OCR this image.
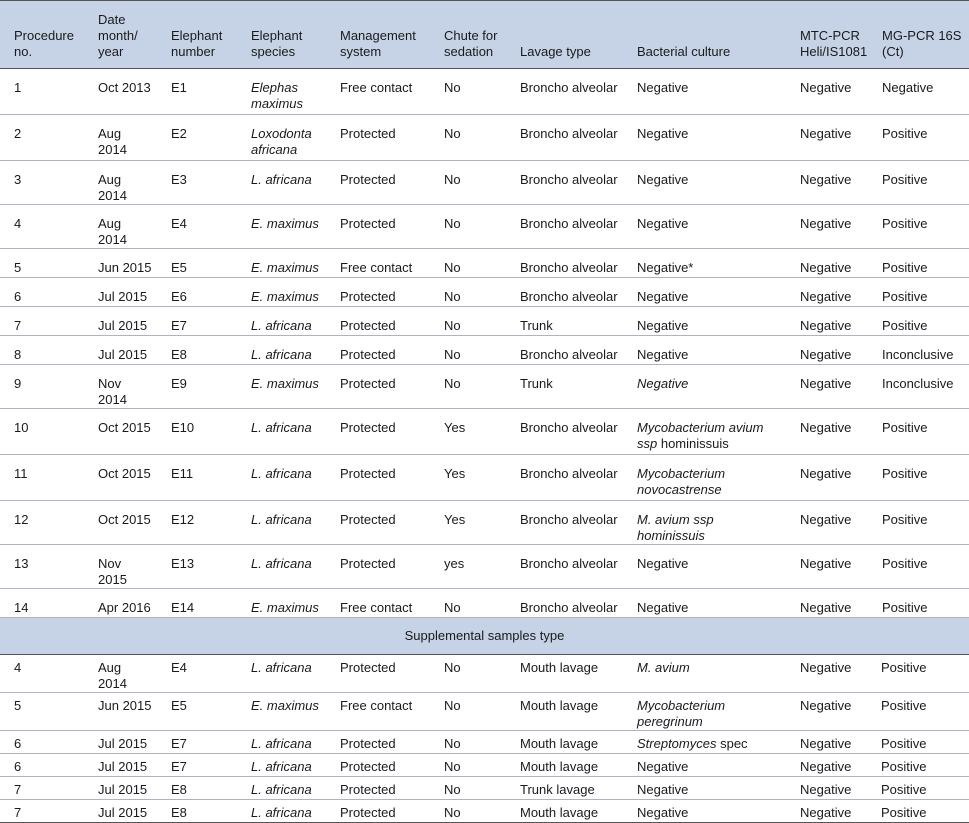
Procedure no.	Date month/ year	Elephant number	Elephant species	Management system	Chute for sedation	Lavage type	Bacterial culture	MTC-PCR Heli/IS1081	MG-PCR 16S (Ct)
1	Oct 2013	E1	Elephas maximus	Free contact	No	Broncho alveolar	Negative	Negative	Negative
2	Aug 2014	E2	Loxodonta africana	Protected	No	Broncho alveolar	Negative	Negative	Positive
3	Aug 2014	E3	L. africana	Protected	No	Broncho alveolar	Negative	Negative	Positive
4	Aug 2014	E4	E. maximus	Protected	No	Broncho alveolar	Negative	Negative	Positive
5	Jun 2015	E5	E. maximus	Free contact	No	Broncho alveolar	Negative*	Negative	Positive
6	Jul 2015	E6	E. maximus	Protected	No	Broncho alveolar	Negative	Negative	Positive
7	Jul 2015	E7	L. africana	Protected	No	Trunk	Negative	Negative	Positive
8	Jul 2015	E8	L. africana	Protected	No	Broncho alveolar	Negative	Negative	Inconclusive
9	Nov 2014	E9	E. maximus	Protected	No	Trunk	Negative	Negative	Inconclusive
10	Oct 2015	E10	L. africana	Protected	Yes	Broncho alveolar	Mycobacterium avium ssp hominissuis	Negative	Positive
11	Oct 2015	E11	L. africana	Protected	Yes	Broncho alveolar	Mycobacterium novocastrense	Negative	Positive
12	Oct 2015	E12	L. africana	Protected	Yes	Broncho alveolar	M. avium ssp hominissuis	Negative	Positive
13	Nov 2015	E13	L. africana	Protected	yes	Broncho alveolar	Negative	Negative	Positive
14	Apr 2016	E14	E. maximus	Free contact	No	Broncho alveolar	Negative	Negative	Positive
Supplemental samples type									
4	Aug 2014	E4	L. africana	Protected	No	Mouth lavage	M. avium	Negative	Positive
5	Jun 2015	E5	E. maximus	Free contact	No	Mouth lavage	Mycobacterium peregrinum	Negative	Positive
6	Jul 2015	E7	L. africana	Protected	No	Mouth lavage	Streptomyces spec	Negative	Positive
6	Jul 2015	E7	L. africana	Protected	No	Mouth lavage	Negative	Negative	Positive
7	Jul 2015	E8	L. africana	Protected	No	Trunk lavage	Negative	Negative	Positive
7	Jul 2015	E8	L. africana	Protected	No	Mouth lavage	Negative	Negative	Positive
